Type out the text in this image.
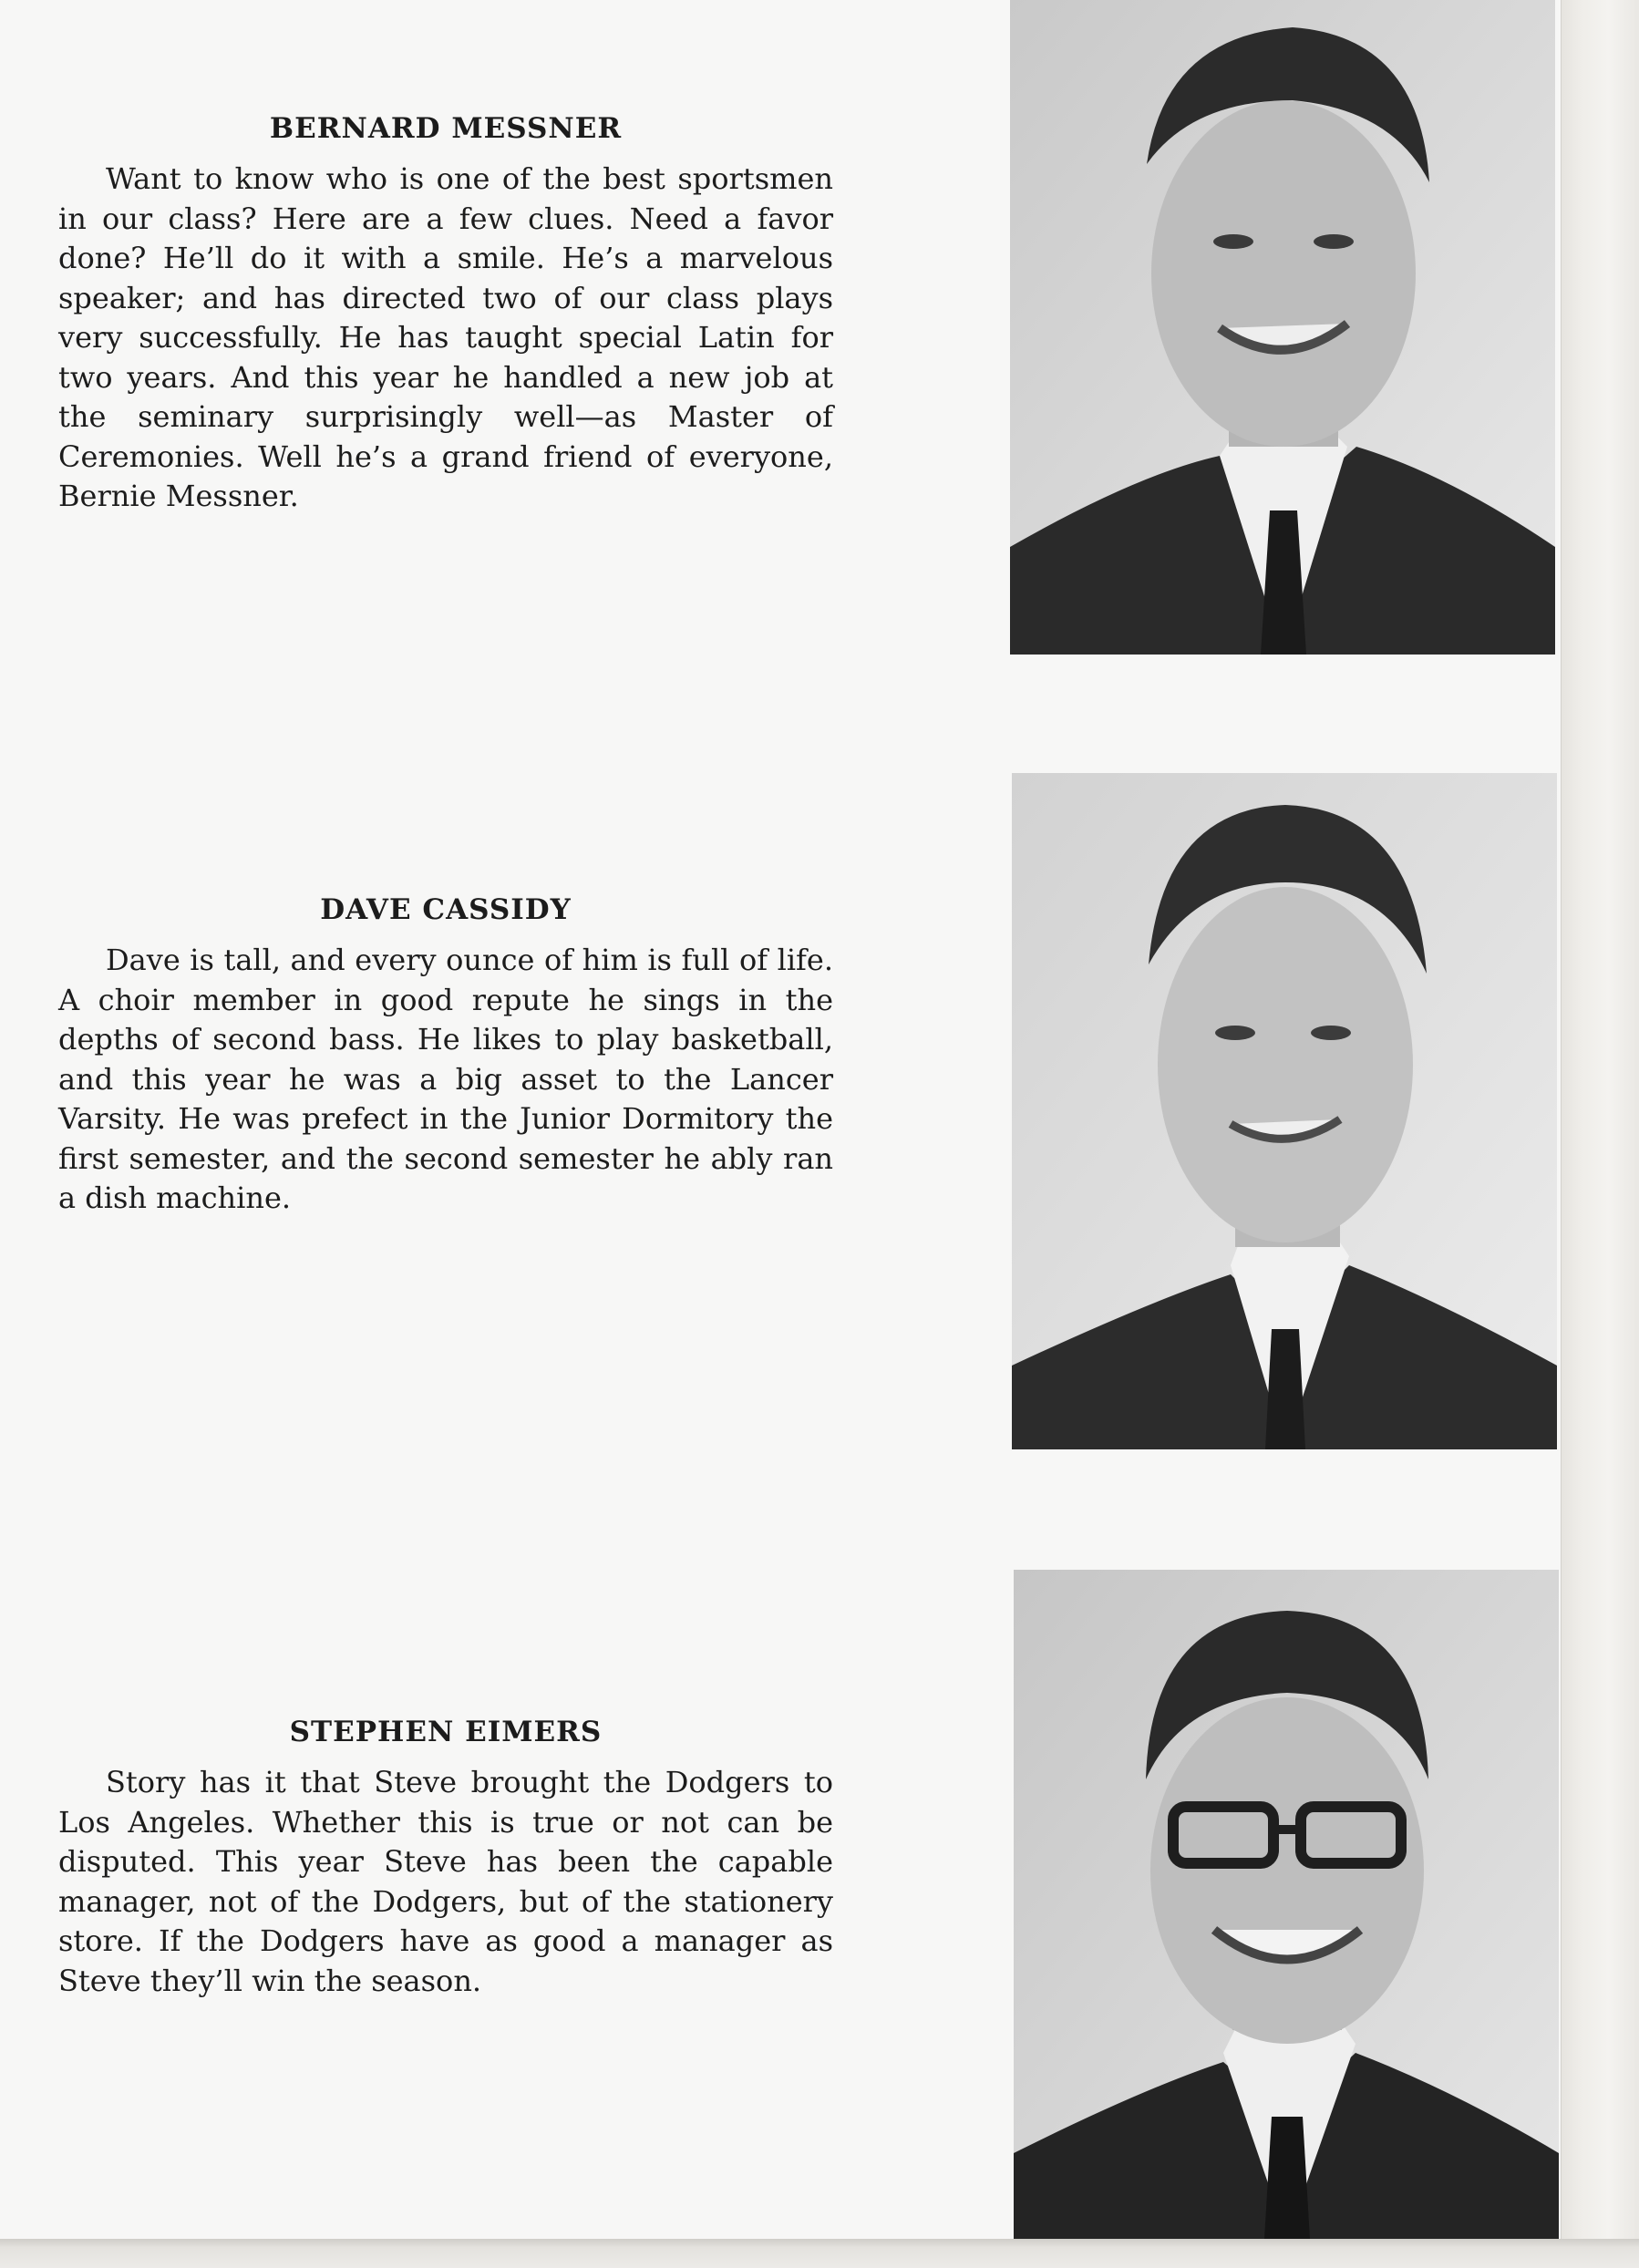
BERNARD MESSNER

Want to know who is one of the best sportsmen in our class? Here are a few clues. Need a favor done? He’ll do it with a smile. He’s a marvelous speaker; and has directed two of our class plays very successfully. He has taught special Latin for two years. And this year he handled a new job at the seminary surprisingly well—as Master of Ceremonies. Well he’s a grand friend of everyone, Bernie Messner.

DAVE CASSIDY

Dave is tall, and every ounce of him is full of life. A choir member in good repute he sings in the depths of second bass. He likes to play basketball, and this year he was a big asset to the Lancer Varsity. He was prefect in the Junior Dormitory the first semester, and the second semester he ably ran a dish machine.

STEPHEN EIMERS

Story has it that Steve brought the Dodgers to Los Angeles. Whether this is true or not can be disputed. This year Steve has been the capable manager, not of the Dodgers, but of the stationery store. If the Dodgers have as good a manager as Steve they’ll win the season.
